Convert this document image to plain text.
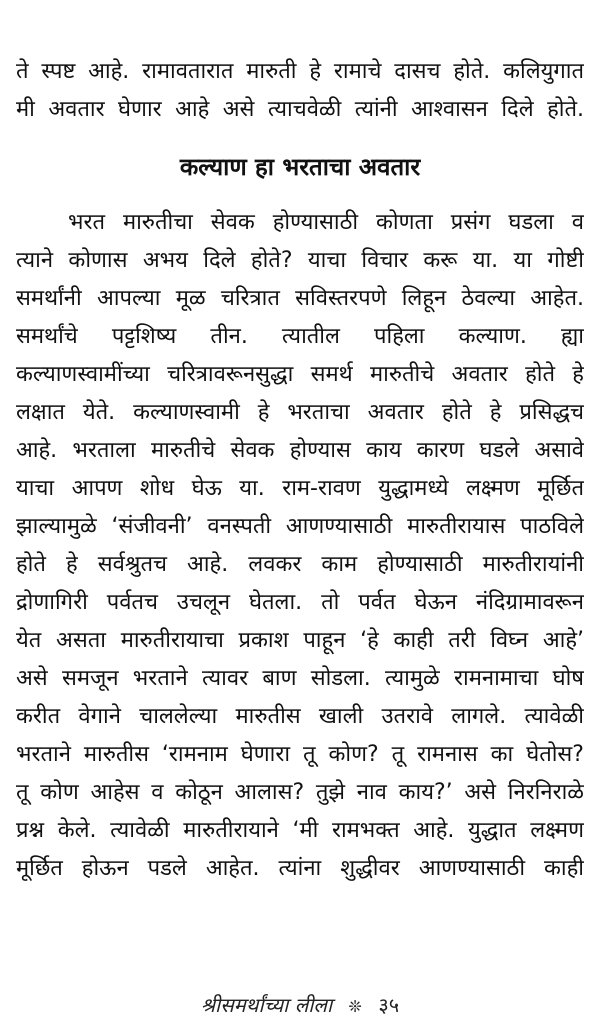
ते स्पष्ट आहे. रामावतारात मारुती हे रामाचे दासच होते. कलियुगात
मी अवतार घेणार आहे असे त्याचवेळी त्यांनी आश्वासन दिले होते.
कल्याण हा भरताचा अवतार
भरत मारुतीचा सेवक होण्यासाठी कोणता प्रसंग घडला व
त्याने कोणास अभय दिले होते? याचा विचार करू या. या गोष्टी
समर्थांनी आपल्या मूळ चरित्रात सविस्तरपणे लिहून ठेवल्या आहेत.
समर्थांचे पट्टशिष्य तीन. त्यातील पहिला कल्याण. ह्या
कल्याणस्वामींच्या चरित्रावरूनसुद्धा समर्थ मारुतीचे अवतार होते हे
लक्षात येते. कल्याणस्वामी हे भरताचा अवतार होते हे प्रसिद्धच
आहे. भरताला मारुतीचे सेवक होण्यास काय कारण घडले असावे
याचा आपण शोध घेऊ या. राम-रावण युद्धामध्ये लक्ष्मण मूर्छित
झाल्यामुळे ‘संजीवनी’ वनस्पती आणण्यासाठी मारुतीरायास पाठविले
होते हे सर्वश्रुतच आहे. लवकर काम होण्यासाठी मारुतीरायांनी
द्रोणागिरी पर्वतच उचलून घेतला. तो पर्वत घेऊन नंदिग्रामावरून
येत असता मारुतीरायाचा प्रकाश पाहून ‘हे काही तरी विघ्न आहे’
असे समजून भरताने त्यावर बाण सोडला. त्यामुळे रामनामाचा घोष
करीत वेगाने चाललेल्या मारुतीस खाली उतरावे लागले. त्यावेळी
भरताने मारुतीस ‘रामनाम घेणारा तू कोण? तू रामनास का घेतोस?
तू कोण आहेस व कोठून आलास? तुझे नाव काय?’ असे निरनिराळे
प्रश्न केले. त्यावेळी मारुतीरायाने ‘मी रामभक्त आहे. युद्धात लक्ष्मण
मूर्छित होऊन पडले आहेत. त्यांना शुद्धीवर आणण्यासाठी काही
श्रीसमर्थांच्या लीला ❊ ३५
